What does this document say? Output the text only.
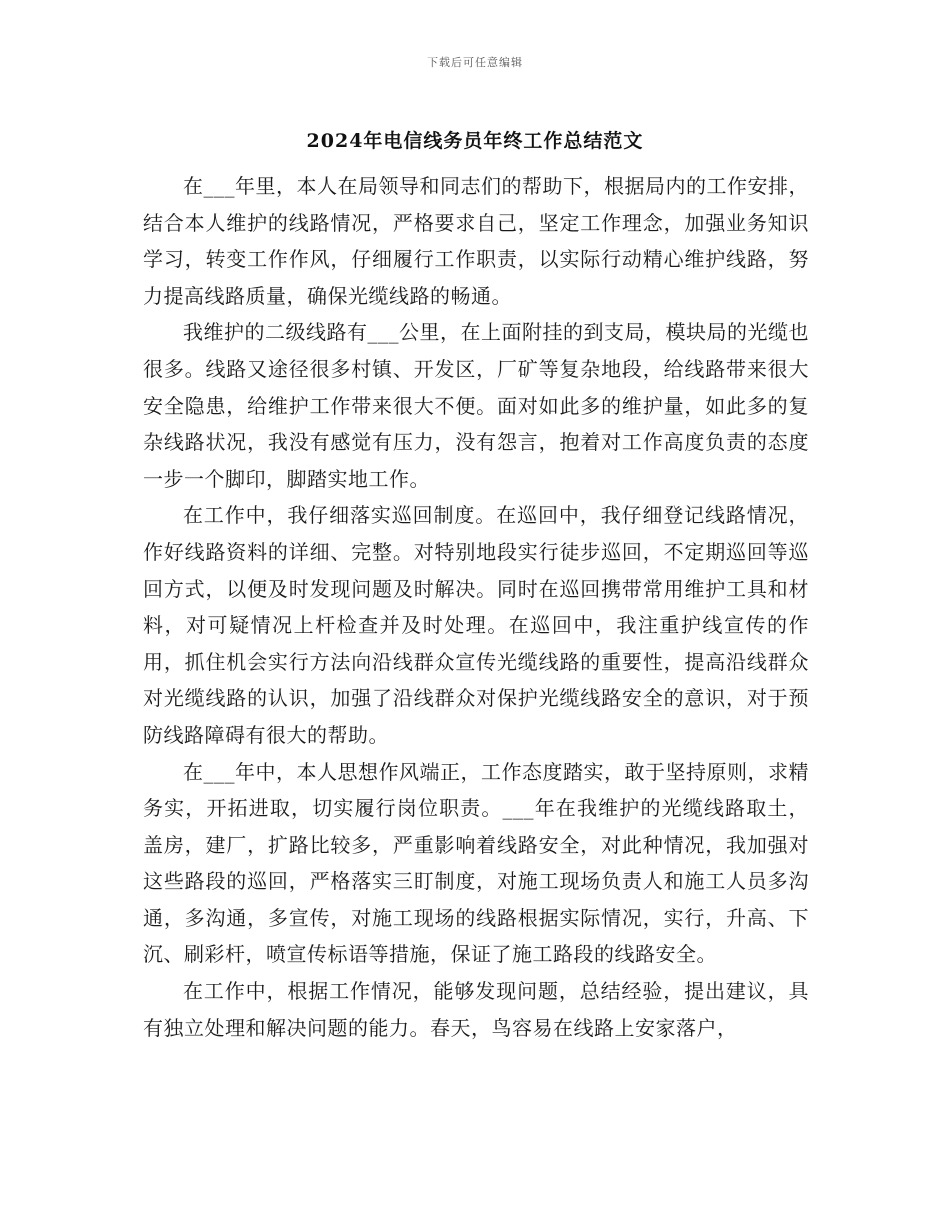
下载后可任意编辑
2024年电信线务员年终工作总结范文

在___年里，本人在局领导和同志们的帮助下，根据局内的工作安排，结合本人维护的线路情况，严格要求自己，坚定工作理念，加强业务知识学习，转变工作作风，仔细履行工作职责，以实际行动精心维护线路，努力提高线路质量，确保光缆线路的畅通。

我维护的二级线路有___公里，在上面附挂的到支局，模块局的光缆也很多。线路又途径很多村镇、开发区，厂矿等复杂地段，给线路带来很大安全隐患，给维护工作带来很大不便。面对如此多的维护量，如此多的复杂线路状况，我没有感觉有压力，没有怨言，抱着对工作高度负责的态度一步一个脚印，脚踏实地工作。

在工作中，我仔细落实巡回制度。在巡回中，我仔细登记线路情况，作好线路资料的详细、完整。对特别地段实行徒步巡回，不定期巡回等巡回方式，以便及时发现问题及时解决。同时在巡回携带常用维护工具和材料，对可疑情况上杆检查并及时处理。在巡回中，我注重护线宣传的作用，抓住机会实行方法向沿线群众宣传光缆线路的重要性，提高沿线群众对光缆线路的认识，加强了沿线群众对保护光缆线路安全的意识，对于预防线路障碍有很大的帮助。

在___年中，本人思想作风端正，工作态度踏实，敢于坚持原则，求精务实，开拓进取，切实履行岗位职责。___年在我维护的光缆线路取土，盖房，建厂，扩路比较多，严重影响着线路安全，对此种情况，我加强对这些路段的巡回，严格落实三盯制度，对施工现场负责人和施工人员多沟通，多沟通，多宣传，对施工现场的线路根据实际情况，实行，升高、下沉、刷彩杆，喷宣传标语等措施，保证了施工路段的线路安全。

在工作中，根据工作情况，能够发现问题，总结经验，提出建议，具有独立处理和解决问题的能力。春天，鸟容易在线路上安家落户，
